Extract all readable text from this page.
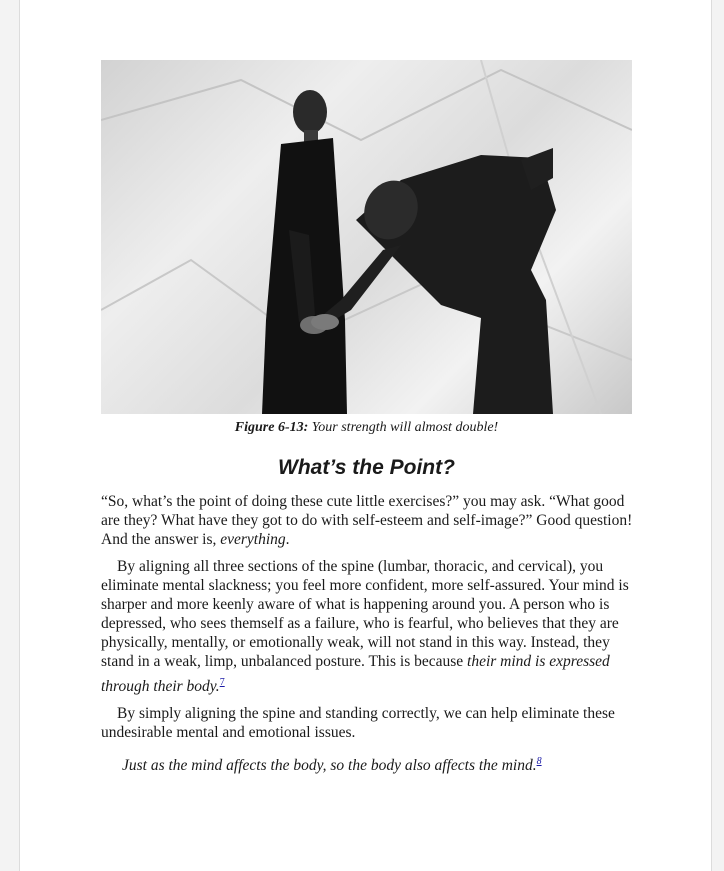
Figure 6-13: Your strength will almost double!
What’s the Point?

“So, what’s the point of doing these cute little exercises?” you may ask. “What good are they? What have they got to do with self-esteem and self-image?” Good question! And the answer is, everything.

By aligning all three sections of the spine (lumbar, thoracic, and cervical), you eliminate mental slackness; you feel more confident, more self-assured. Your mind is sharper and more keenly aware of what is happening around you. A person who is depressed, who sees themself as a failure, who is fearful, who believes that they are physically, mentally, or emotionally weak, will not stand in this way. Instead, they stand in a weak, limp, unbalanced posture. This is because their mind is expressed through their body.$^7$

By simply aligning the spine and standing correctly, we can help eliminate these undesirable mental and emotional issues.

Just as the mind affects the body, so the body also affects the mind.$^8$
